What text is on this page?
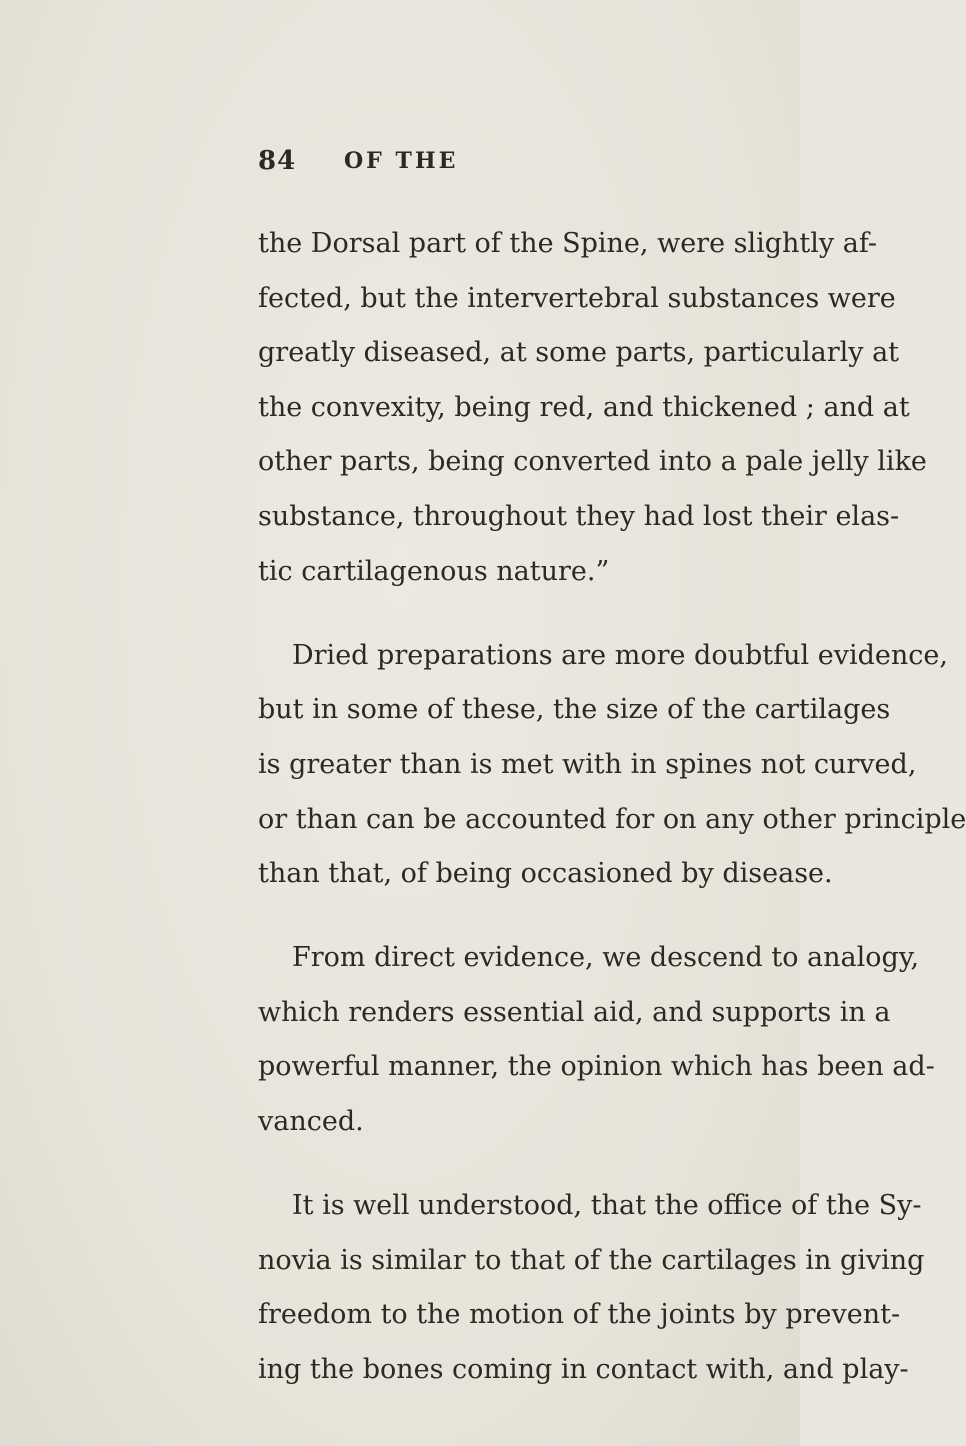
84 OF THE
the Dorsal part of the Spine, were slightly af-
fected, but the intervertebral substances were
greatly diseased, at some parts, particularly at
the convexity, being red, and thickened ; and at
other parts, being converted into a pale jelly like
substance, throughout they had lost their elas-
tic cartilagenous nature.”
Dried preparations are more doubtful evidence,
but in some of these, the size of the cartilages
is greater than is met with in spines not curved,
or than can be accounted for on any other principle
than that, of being occasioned by disease.
From direct evidence, we descend to analogy,
which renders essential aid, and supports in a
powerful manner, the opinion which has been ad-
vanced.
It is well understood, that the office of the Sy-
novia is similar to that of the cartilages in giving
freedom to the motion of the joints by prevent-
ing the bones coming in contact with, and play-
